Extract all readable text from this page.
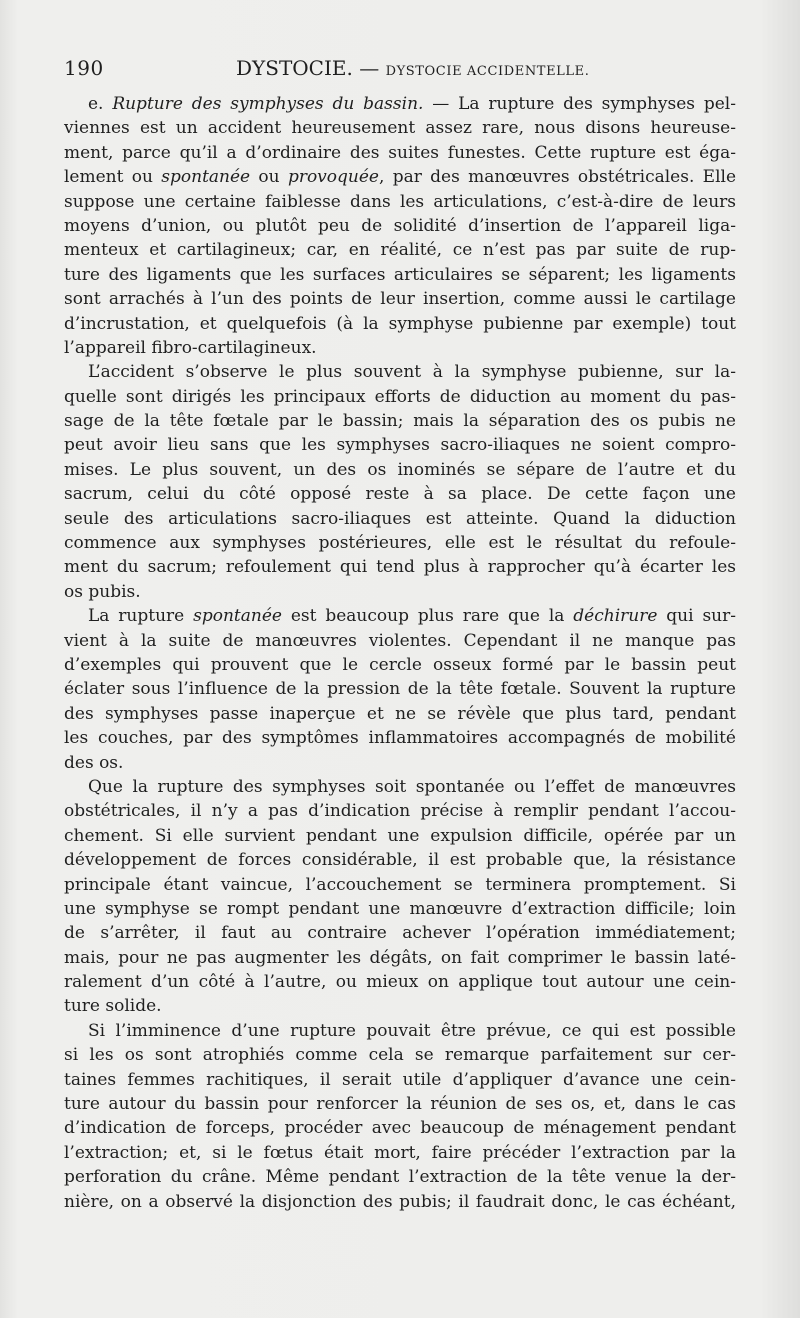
190	DYSTOCIE. — DYSTOCIE ACCIDENTELLE.
e. Rupture des symphyses du bassin. — La rupture des symphyses pel-
viennes est un accident heureusement assez rare, nous disons heureuse-
ment, parce qu’il a d’ordinaire des suites funestes. Cette rupture est éga-
lement ou spontanée ou provoquée, par des manœuvres obstétricales. Elle
suppose une certaine faiblesse dans les articulations, c’est-à-dire de leurs
moyens d’union, ou plutôt peu de solidité d’insertion de l’appareil liga-
menteux et cartilagineux; car, en réalité, ce n’est pas par suite de rup-
ture des ligaments que les surfaces articulaires se séparent; les ligaments
sont arrachés à l’un des points de leur insertion, comme aussi le cartilage
d’incrustation, et quelquefois (à la symphyse pubienne par exemple) tout
l’appareil fibro-cartilagineux.
L’accident s’observe le plus souvent à la symphyse pubienne, sur la-
quelle sont dirigés les principaux efforts de diduction au moment du pas-
sage de la tête fœtale par le bassin; mais la séparation des os pubis ne
peut avoir lieu sans que les symphyses sacro-iliaques ne soient compro-
mises. Le plus souvent, un des os inominés se sépare de l’autre et du
sacrum, celui du côté opposé reste à sa place. De cette façon une
seule des articulations sacro-iliaques est atteinte. Quand la diduction
commence aux symphyses postérieures, elle est le résultat du refoule-
ment du sacrum; refoulement qui tend plus à rapprocher qu’à écarter les
os pubis.
La rupture spontanée est beaucoup plus rare que la déchirure qui sur-
vient à la suite de manœuvres violentes. Cependant il ne manque pas
d’exemples qui prouvent que le cercle osseux formé par le bassin peut
éclater sous l’influence de la pression de la tête fœtale. Souvent la rupture
des symphyses passe inaperçue et ne se révèle que plus tard, pendant
les couches, par des symptômes inflammatoires accompagnés de mobilité
des os.
Que la rupture des symphyses soit spontanée ou l’effet de manœuvres
obstétricales, il n’y a pas d’indication précise à remplir pendant l’accou-
chement. Si elle survient pendant une expulsion difficile, opérée par un
développement de forces considérable, il est probable que, la résistance
principale étant vaincue, l’accouchement se terminera promptement. Si
une symphyse se rompt pendant une manœuvre d’extraction difficile; loin
de s’arrêter, il faut au contraire achever l’opération immédiatement;
mais, pour ne pas augmenter les dégâts, on fait comprimer le bassin laté-
ralement d’un côté à l’autre, ou mieux on applique tout autour une cein-
ture solide.
Si l’imminence d’une rupture pouvait être prévue, ce qui est possible
si les os sont atrophiés comme cela se remarque parfaitement sur cer-
taines femmes rachitiques, il serait utile d’appliquer d’avance une cein-
ture autour du bassin pour renforcer la réunion de ses os, et, dans le cas
d’indication de forceps, procéder avec beaucoup de ménagement pendant
l’extraction; et, si le fœtus était mort, faire précéder l’extraction par la
perforation du crâne. Même pendant l’extraction de la tête venue la der-
nière, on a observé la disjonction des pubis; il faudrait donc, le cas échéant,
